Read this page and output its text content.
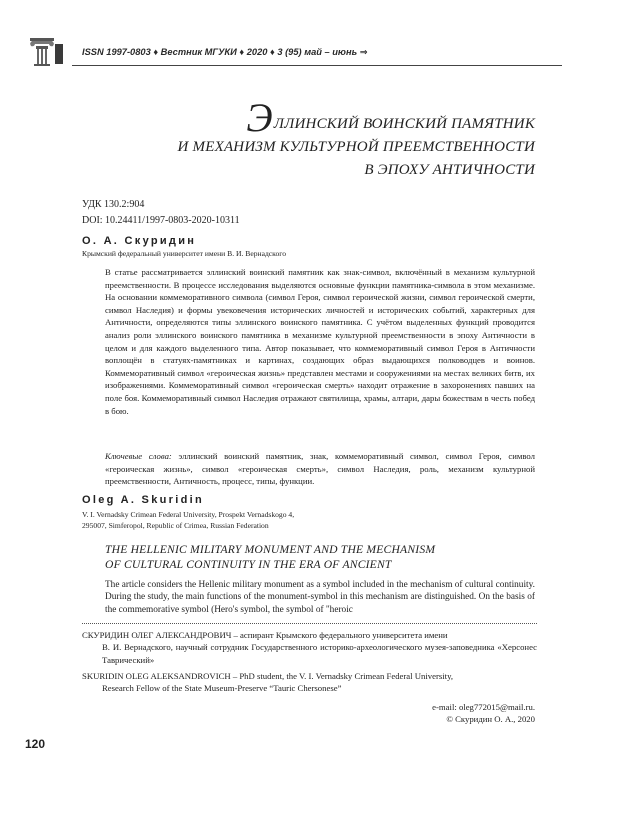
ISSN 1997-0803 ♦ Вестник МГУКИ ♦ 2020 ♦ 3 (95) май – июнь ⇒
ЭЛЛИНСКИЙ ВОИНСКИЙ ПАМЯТНИК
И МЕХАНИЗМ КУЛЬТУРНОЙ ПРЕЕМСТВЕННОСТИ
В ЭПОХУ АНТИЧНОСТИ
УДК 130.2:904
DOI: 10.24411/1997-0803-2020-10311
О. А. Скуридин
Крымский федеральный университет имени В. И. Вернадского
В статье рассматривается эллинский воинский памятник как знак-символ, включённый в механизм культурной преемственности. В процессе исследования выделяются основные функции памятника-символа в этом механизме. На основании коммеморативного символа (символ Героя, символ героической жизни, символ героической смерти, символ Наследия) и формы увековечения исторических личностей и исторических событий, характерных для Античности, определяются типы эллинского воинского памятника. С учётом выделенных функций проводится анализ роли эллинского воинского памятника в механизме культурной преемственности в эпоху Античности в целом и для каждого выделенного типа. Автор показывает, что коммеморативный символ Героя в Античности воплощён в статуях-памятниках и картинах, создающих образ выдающихся полководцев и воинов. Коммеморативный символ «героическая жизнь» представлен местами и сооружениями на местах великих битв, их изображениями. Коммеморативный символ «героическая смерть» находит отражение в захоронениях павших на поле боя. Коммеморативный символ Наследия отражают святилища, храмы, алтари, дары божествам в честь побед в бою.
Ключевые слова: эллинский воинский памятник, знак, коммеморативный символ, символ Героя, символ «героическая жизнь», символ «героическая смерть», символ Наследия, роль, механизм культурной преемственности, Античность, процесс, типы, функции.
Oleg A. Skuridin
V. I. Vernadsky Crimean Federal University, Prospekt Vernadskogo 4,
295007, Simferopol, Republic of Crimea, Russian Federation
THE HELLENIC MILITARY MONUMENT AND THE MECHANISM
OF CULTURAL CONTINUITY IN THE ERA OF ANCIENT
The article considers the Hellenic military monument as a symbol included in the mechanism of cultural continuity. During the study, the main functions of the monument-symbol in this mechanism are distinguished. On the basis of the commemorative symbol (Hero's symbol, the symbol of "heroic
СКУРИДИН ОЛЕГ АЛЕКСАНДРОВИЧ – аспирант Крымского федерального университета имени
В. И. Вернадского, научный сотрудник Государственного историко-археологического музея-заповедника «Херсонес Таврический»
SKURIDIN OLEG ALEKSANDROVICH – PhD student, the V. I. Vernadsky Crimean Federal University,
Research Fellow of the State Museum-Preserve “Tauric Chersonese”
e-mail: oleg772015@mail.ru.
© Скуридин О. А., 2020
120
